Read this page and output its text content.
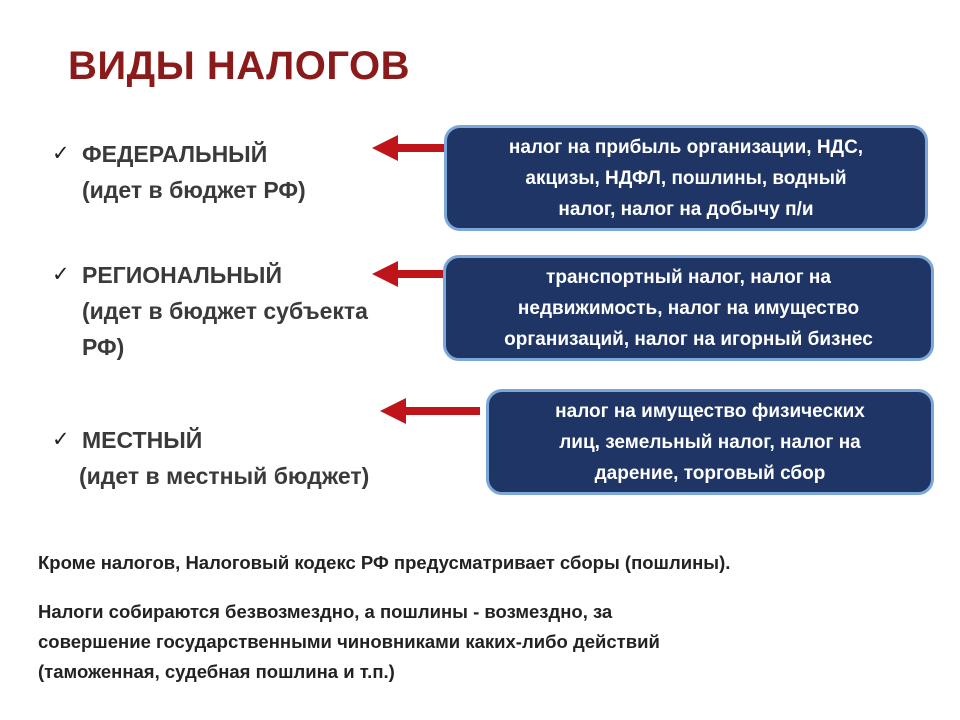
ВИДЫ НАЛОГОВ
✓ ФЕДЕРАЛЬНЫЙ
(идет в бюджет РФ)
✓ РЕГИОНАЛЬНЫЙ
(идет в бюджет субъекта
РФ)
✓ МЕСТНЫЙ
(идет в местный бюджет)
налог на прибыль организации, НДС,
акцизы, НДФЛ, пошлины, водный
налог, налог на добычу п/и
транспортный налог, налог на
недвижимость, налог на имущество
организаций, налог на игорный бизнес
налог на имущество физических
лиц, земельный налог, налог на
дарение, торговый сбор
Кроме налогов, Налоговый кодекс РФ предусматривает сборы (пошлины).
Налоги собираются безвозмездно, а пошлины - возмездно, за
совершение государственными чиновниками каких-либо действий
(таможенная, судебная пошлина и т.п.)
